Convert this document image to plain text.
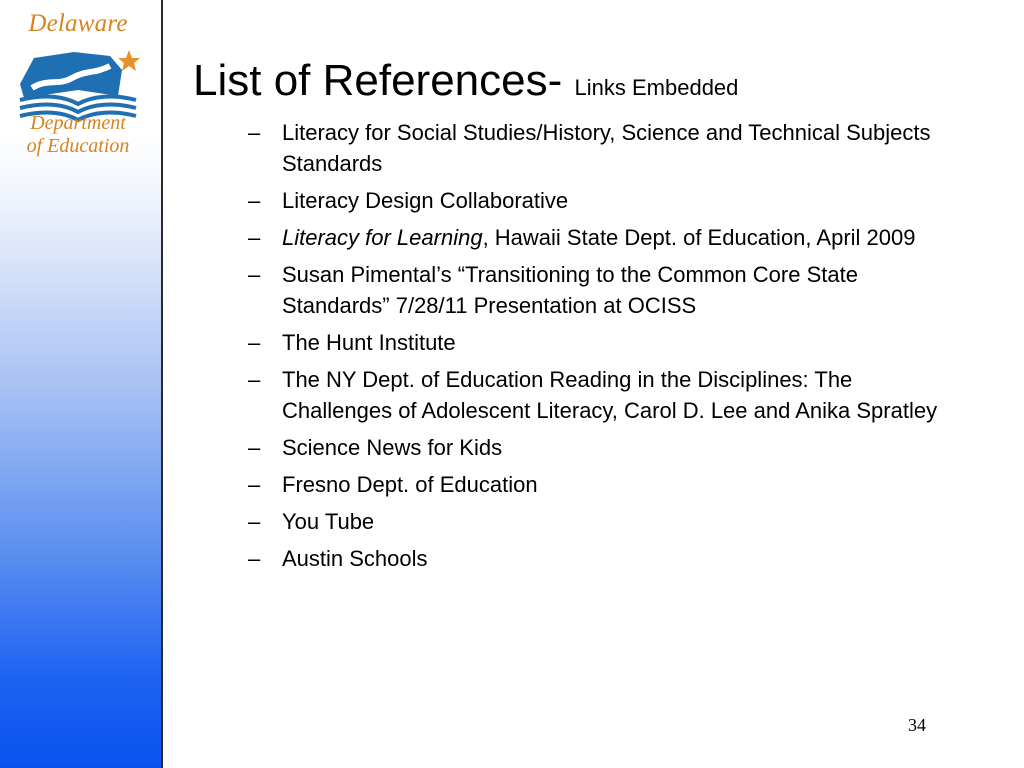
Delaware
Department
of Education
List of References- Links Embedded
– Literacy for Social Studies/History, Science and Technical Subjects Standards
– Literacy Design Collaborative
– Literacy for Learning, Hawaii State Dept. of Education, April 2009
– Susan Pimental’s “Transitioning to the Common Core State Standards” 7/28/11 Presentation at OCISS
– The Hunt Institute
– The NY Dept. of Education Reading in the Disciplines: The Challenges of Adolescent Literacy, Carol D. Lee and Anika Spratley
– Science News for Kids
– Fresno Dept. of Education
– You Tube
– Austin Schools
34
